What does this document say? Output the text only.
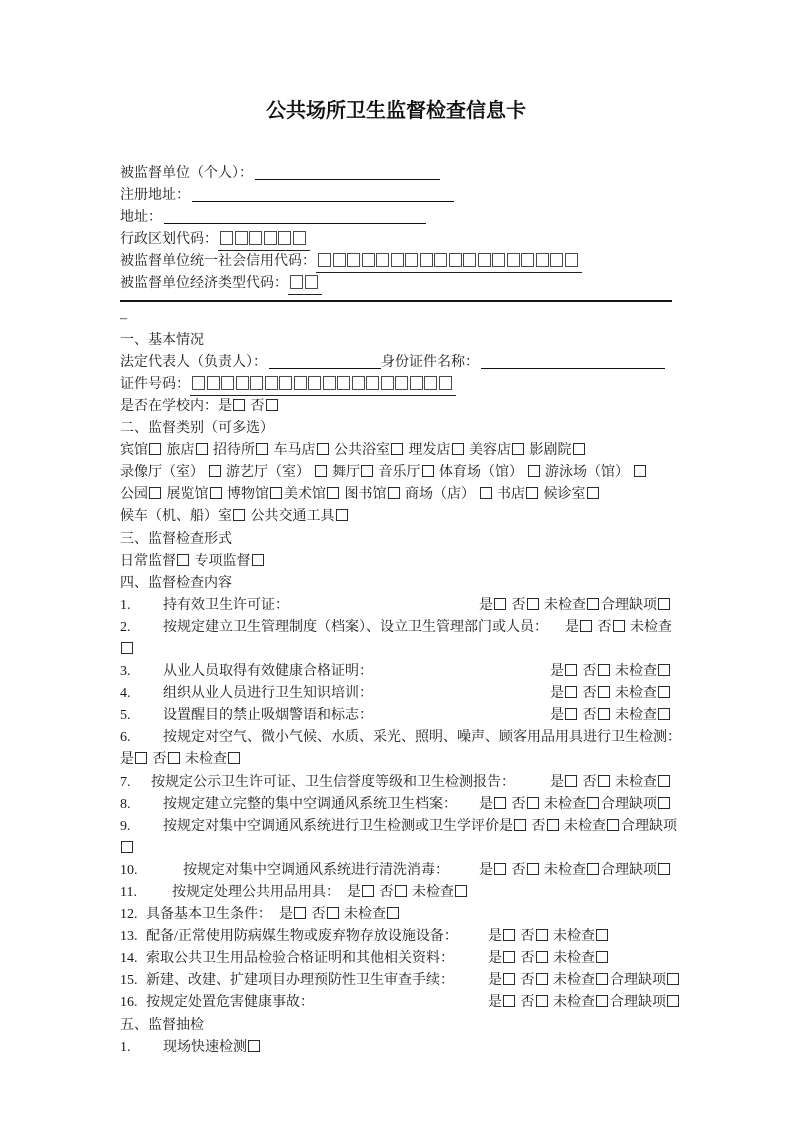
公共场所卫生监督检查信息卡
被监督单位（个人）：
注册地址：
地址：
行政区划代码：
被监督单位统一社会信用代码：
被监督单位经济类型代码：
–
一、基本情况
法定代表人（负责人）：	身份证件名称：
证件号码：
是否在学校内：是 否
二、监督类别（可多选）
宾馆 旅店 招待所 车马店 公共浴室 理发店 美容店 影剧院
录像厅（室）  游艺厅（室）  舞厅 音乐厅 体育场（馆）  游泳场（馆）
公园 展览馆 博物馆 美术馆 图书馆 商场（店）  书店 候诊室
候车（机、船）室 公共交通工具
三、监督检查形式
日常监督 专项监督
四、监督检查内容
1. 持有效卫生许可证：	是 否 未检查 合理缺项
2. 按规定建立卫生管理制度（档案）、设立卫生管理部门或人员： 是 否 未检查
3. 从业人员取得有效健康合格证明：	是 否 未检查
4. 组织从业人员进行卫生知识培训：	是 否 未检查
5. 设置醒目的禁止吸烟警语和标志：	是 否 未检查
6. 按规定对空气、微小气候、水质、采光、照明、噪声、顾客用品用具进行卫生检测：
是 否 未检查
7. 按规定公示卫生许可证、卫生信誉度等级和卫生检测报告：	是 否 未检查
8. 按规定建立完整的集中空调通风系统卫生档案： 是 否 未检查 合理缺项
9. 按规定对集中空调通风系统进行卫生检测或卫生学评价是 否 未检查 合理缺项
10.	按规定对集中空调通风系统进行清洗消毒： 是 否 未检查 合理缺项
11.	按规定处理公共用品用具：  是 否 未检查
12. 具备基本卫生条件：  是 否 未检查
13. 配备/正常使用防病媒生物或废弃物存放设施设备：	是 否 未检查
14. 索取公共卫生用品检验合格证明和其他相关资料：	是 否 未检查
15. 新建、改建、扩建项目办理预防性卫生审查手续：	是 否 未检查 合理缺项
16. 按规定处置危害健康事故：	是 否 未检查 合理缺项
五、监督抽检
1. 现场快速检测
